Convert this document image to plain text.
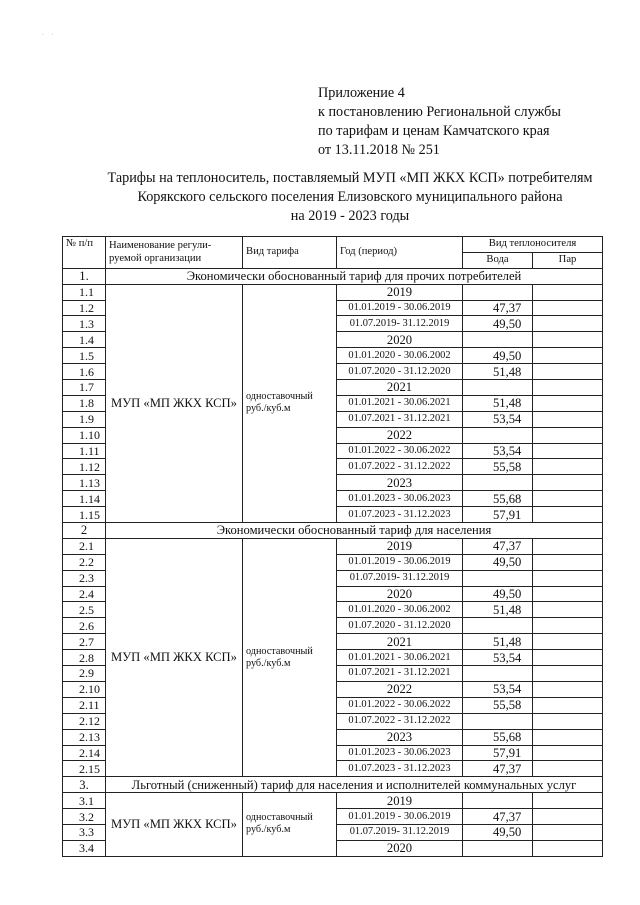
· ·
Приложение 4
к постановлению Региональной службы
по тарифам и ценам Камчатского края
от 13.11.2018 № 251
Тарифы на теплоноситель, поставляемый МУП «МП ЖКХ КСП» потребителям
Корякского сельского поселения Елизовского муниципального района
на 2019 - 2023 годы
№ п/п	Наименование регули-руемой организации	Вид тарифа	Год (период)	Вид теплоносителя	
				Вода	Пар
1.	Экономически обоснованный тариф для прочих потребителей				
1.1	МУП «МП ЖКХ КСП»	одноставочный руб./куб.м	2019		
1.2			01.01.2019 - 30.06.2019	47,37	
1.3			01.07.2019- 31.12.2019	49,50	
1.4			2020		
1.5			01.01.2020 - 30.06.2002	49,50	
1.6			01.07.2020 - 31.12.2020	51,48	
1.7			2021		
1.8			01.01.2021 - 30.06.2021	51,48	
1.9			01.07.2021 - 31.12.2021	53,54	
1.10			2022		
1.11			01.01.2022 - 30.06.2022	53,54	
1.12			01.07.2022 - 31.12.2022	55,58	
1.13			2023		
1.14			01.01.2023 - 30.06.2023	55,68	
1.15			01.07.2023 - 31.12.2023	57,91	
2	Экономически обоснованный тариф для населения				
2.1	МУП «МП ЖКХ КСП»	одноставочный руб./куб.м	2019	47,37	
2.2			01.01.2019 - 30.06.2019	49,50	
2.3			01.07.2019- 31.12.2019		
2.4			2020	49,50	
2.5			01.01.2020 - 30.06.2002	51,48	
2.6			01.07.2020 - 31.12.2020		
2.7			2021	51,48	
2.8			01.01.2021 - 30.06.2021	53,54	
2.9			01.07.2021 - 31.12.2021		
2.10			2022	53,54	
2.11			01.01.2022 - 30.06.2022	55,58	
2.12			01.07.2022 - 31.12.2022		
2.13			2023	55,68	
2.14			01.01.2023 - 30.06.2023	57,91	
2.15			01.07.2023 - 31.12.2023	47,37	
3.	Льготный (сниженный) тариф для населения и исполнителей коммунальных услуг				
3.1	МУП «МП ЖКХ КСП»	одноставочный руб./куб.м	2019		
3.2			01.01.2019 - 30.06.2019	47,37	
3.3			01.07.2019- 31.12.2019	49,50	
3.4			2020		
